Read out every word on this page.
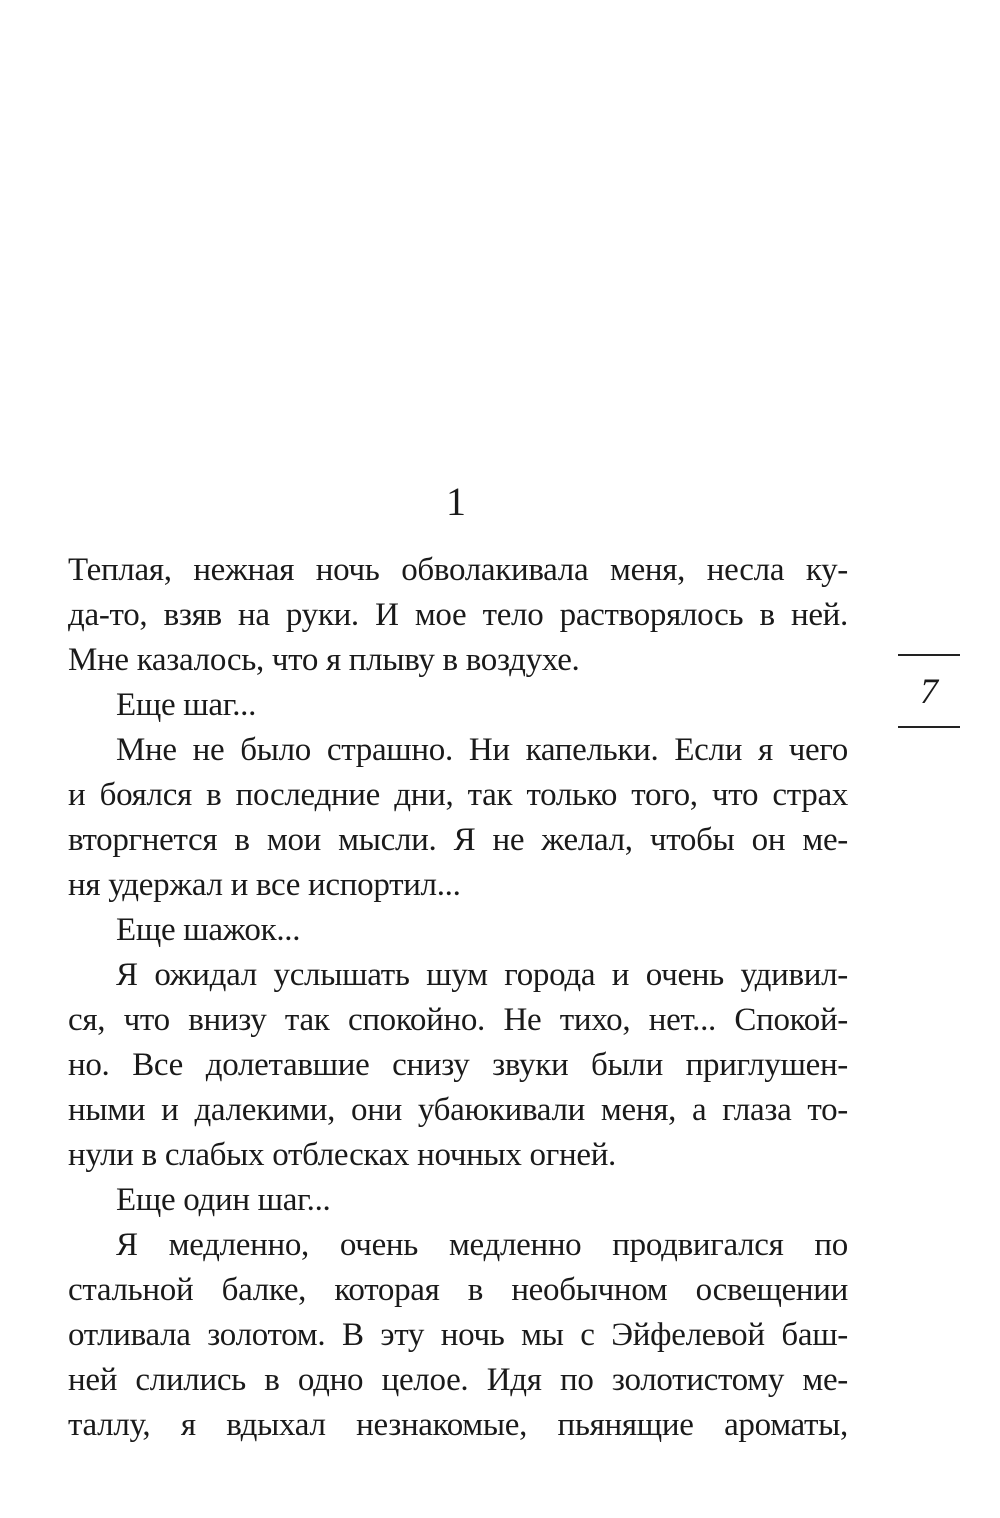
1
Теплая, нежная ночь обволакивала меня, несла ку-
да-то, взяв на руки. И мое тело растворялось в ней.
Мне казалось, что я плыву в воздухе.
Еще шаг...
Мне не было страшно. Ни капельки. Если я чего
и боялся в последние дни, так только того, что страх
вторгнется в мои мысли. Я не желал, чтобы он ме-
ня удержал и все испортил...
Еще шажок...
Я ожидал услышать шум города и очень удивил-
ся, что внизу так спокойно. Не тихо, нет... Спокой-
но. Все долетавшие снизу звуки были приглушен-
ными и далекими, они убаюкивали меня, а глаза то-
нули в слабых отблесках ночных огней.
Еще один шаг...
Я медленно, очень медленно продвигался по
стальной балке, которая в необычном освещении
отливала золотом. В эту ночь мы с Эйфелевой баш-
ней слились в одно целое. Идя по золотистому ме-
таллу, я вдыхал незнакомые, пьянящие ароматы,
7
